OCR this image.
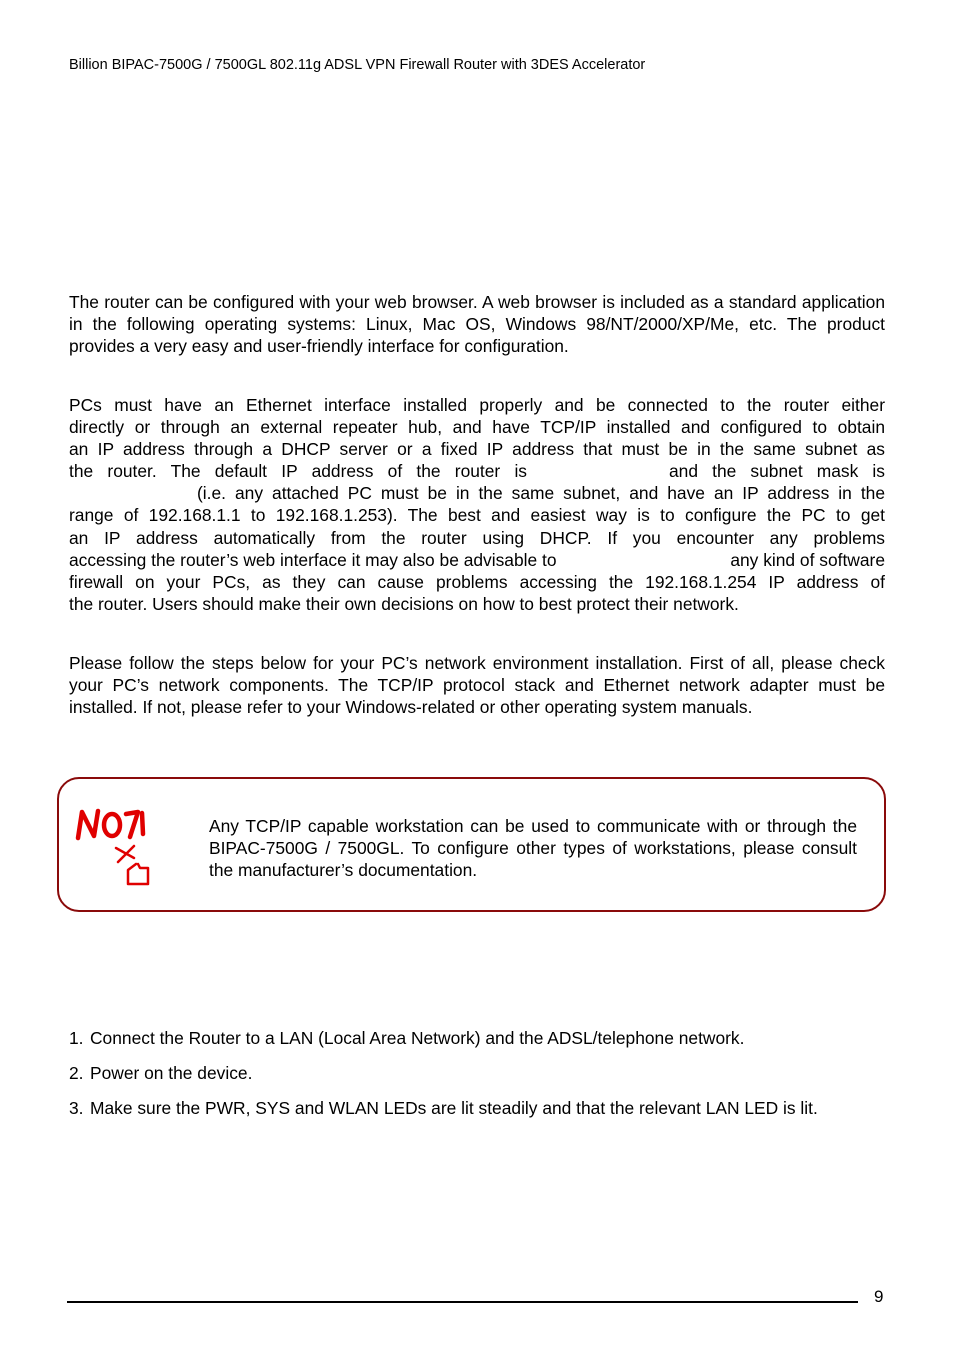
Billion BIPAC-7500G / 7500GL 802.11g ADSL VPN Firewall Router with 3DES Accelerator
The router can be configured with your web browser. A web browser is included as a standard application in the following operating systems: Linux, Mac OS, Windows 98/NT/2000/XP/Me, etc. The product provides a very easy and user-friendly interface for configuration.
PCs must have an Ethernet interface installed properly and be connected to the router either
directly or through an external repeater hub, and have TCP/IP installed and configured to obtain
an IP address through a DHCP server or a fixed IP address that must be in the same subnet as
the router. The default IP address of the router is	and the subnet mask is
(i.e. any attached PC must be in the same subnet, and have an IP address in the
range of 192.168.1.1 to 192.168.1.253). The best and easiest way is to configure the PC to get
an IP address automatically from the router using DHCP. If you encounter any problems
accessing the router’s web interface it may also be advisable to	any kind of software
firewall on your PCs, as they can cause problems accessing the 192.168.1.254 IP address of
the router. Users should make their own decisions on how to best protect their network.
Please follow the steps below for your PC’s network environment installation. First of all, please check your PC’s network components. The TCP/IP protocol stack and Ethernet network adapter must be installed. If not, please refer to your Windows-related or other operating system manuals.
Any TCP/IP capable workstation can be used to communicate with or through the BIPAC-7500G / 7500GL. To configure other types of workstations, please consult the manufacturer’s documentation.
1. Connect the Router to a LAN (Local Area Network) and the ADSL/telephone network.
2. Power on the device.
3. Make sure the PWR, SYS and WLAN LEDs are lit steadily and that the relevant LAN LED is lit.
9
